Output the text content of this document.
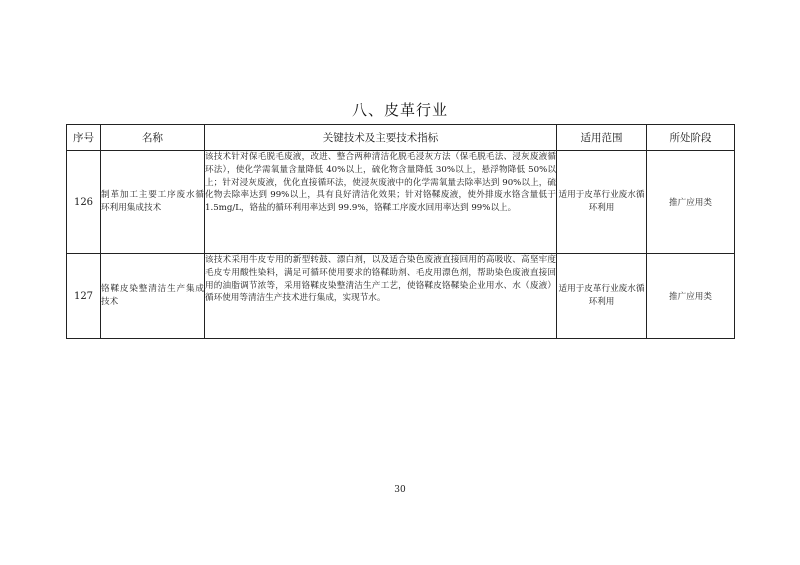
八、皮革行业
序号	名称	关键技术及主要技术指标	适用范围	所处阶段
126	制革加工主要工序废水循环利用集成技术	该技术针对保毛脱毛废液，改进、整合两种清洁化脱毛浸灰方法（保毛脱毛法、浸灰废液循环法），使化学需氧量含量降低 40%以上，硫化物含量降低 30%以上，悬浮物降低 50%以上；针对浸灰废液，优化直接循环法，使浸灰废液中的化学需氧量去除率达到 90%以上，硫化物去除率达到 99%以上，具有良好清洁化效果；针对铬鞣废液，使外排废水铬含量低于 1.5mg/L，铬盐的循环利用率达到 99.9%，铬鞣工序废水回用率达到 99%以上。	适用于皮革行业废水循环利用	推广应用类
127	铬鞣皮染整清洁生产集成技术	该技术采用牛皮专用的新型转鼓、漂白剂，以及适合染色废液直接回用的高吸收、高坚牢度毛皮专用酸性染料，满足可循环使用要求的铬鞣助剂、毛皮用漂色剂，帮助染色废液直接回用的油脂调节浓等，采用铬鞣皮染整清洁生产工艺，使铬鞣皮铬鞣染企业用水、水（废液）循环使用等清洁生产技术进行集成，实现节水。	适用于皮革行业废水循环利用	推广应用类
30
